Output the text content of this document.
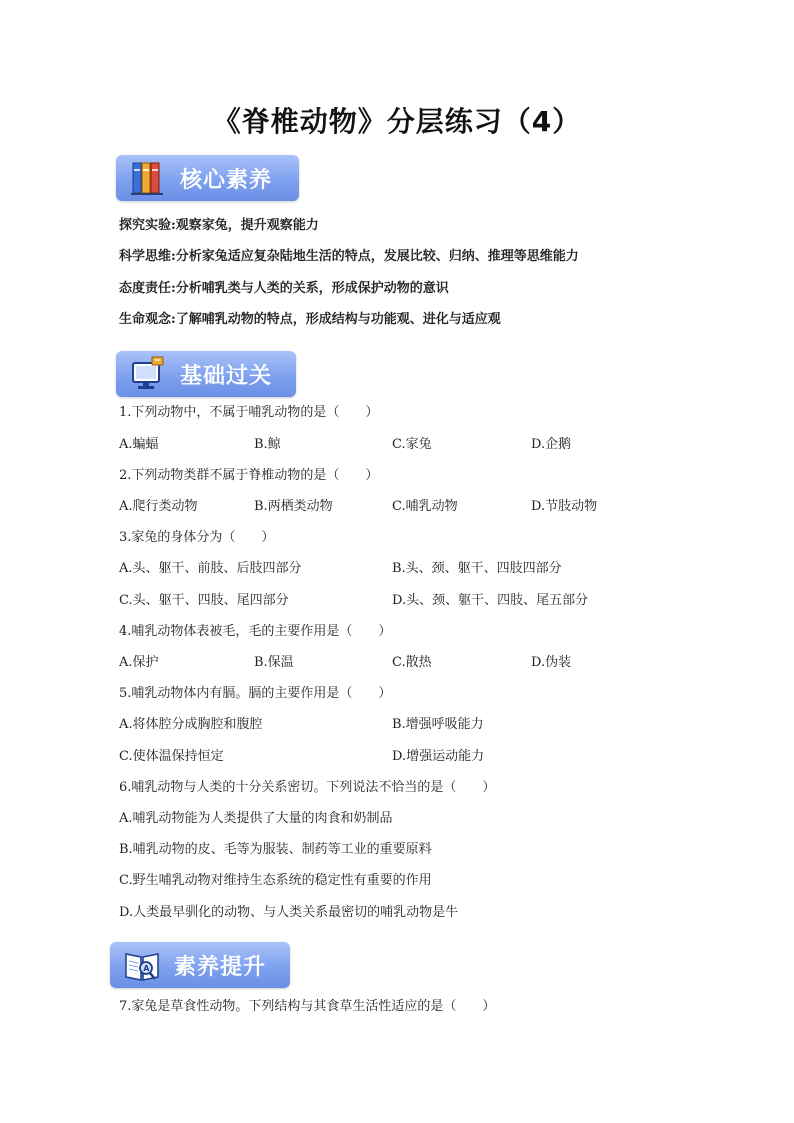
《脊椎动物》分层练习（4）
核心素养
探究实验:观察家兔，提升观察能力
科学思维:分析家兔适应复杂陆地生活的特点，发展比较、归纳、推理等思维能力
态度责任:分析哺乳类与人类的关系，形成保护动物的意识
生命观念:了解哺乳动物的特点，形成结构与功能观、进化与适应观
基础过关
1.下列动物中，不属于哺乳动物的是（　　）
A.蝙蝠	B.鲸	C.家兔	D.企鹅
2.下列动物类群不属于脊椎动物的是（　　）
A.爬行类动物	B.两栖类动物	C.哺乳动物	D.节肢动物
3.家兔的身体分为（　　）
A.头、躯干、前肢、后肢四部分	B.头、颈、躯干、四肢四部分
C.头、躯干、四肢、尾四部分	D.头、颈、躯干、四肢、尾五部分
4.哺乳动物体表被毛，毛的主要作用是（　　）
A.保护	B.保温	C.散热	D.伪装
5.哺乳动物体内有膈。膈的主要作用是（　　）
A.将体腔分成胸腔和腹腔	B.增强呼吸能力
C.使体温保持恒定	D.增强运动能力
6.哺乳动物与人类的十分关系密切。下列说法不恰当的是（　　）
A.哺乳动物能为人类提供了大量的肉食和奶制品
B.哺乳动物的皮、毛等为服装、制药等工业的重要原料
C.野生哺乳动物对维持生态系统的稳定性有重要的作用
D.人类最早驯化的动物、与人类关系最密切的哺乳动物是牛
A 素养提升
7.家兔是草食性动物。下列结构与其食草生活性适应的是（　　）
